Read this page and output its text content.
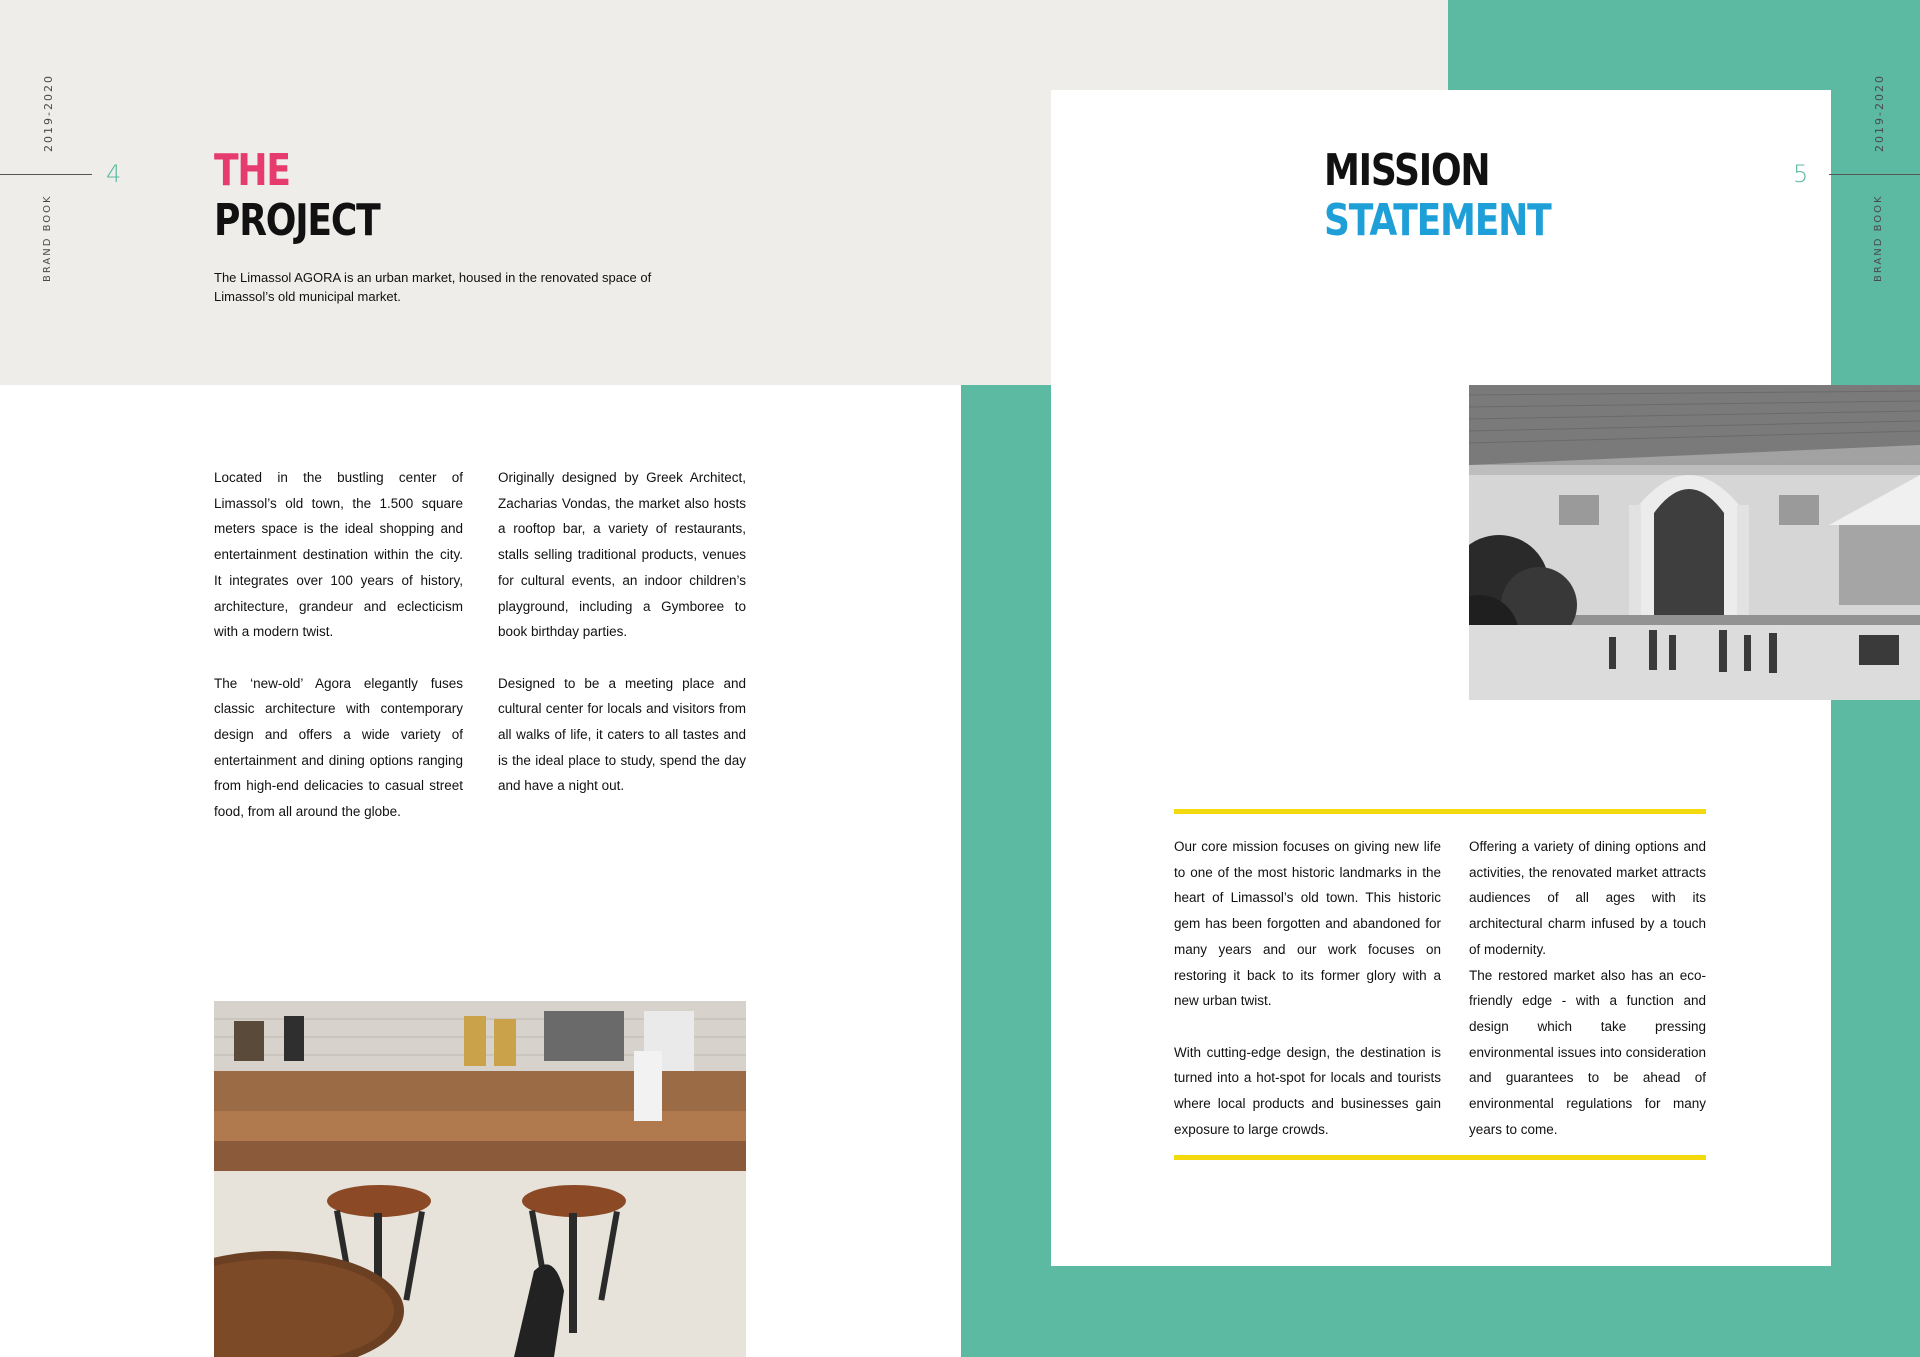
2019-2020
BRAND BOOK
4
2019-2020
BRAND BOOK
5
THE
PROJECT
MISSION
STATEMENT
The Limassol AGORA is an urban market, housed in the renovated space of Limassol’s old municipal market.

Located in the bustling center of Limassol’s old town, the 1.500 square meters space is the ideal shopping and entertainment destination within the city. It integrates over 100 years of history, architecture, grandeur and eclecticism with a modern twist.

The ‘new-old’ Agora elegantly fuses classic architecture with contemporary design and offers a wide variety of entertainment and dining options ranging from high-end delicacies to casual street food, from all around the globe.

Originally designed by Greek Architect, Zacharias Vondas, the market also hosts a rooftop bar, a variety of restaurants, stalls selling traditional products, venues for cultural events, an indoor children’s playground, including a Gymboree to book birthday parties.

Designed to be a meeting place and cultural center for locals and visitors from all walks of life, it caters to all tastes and is the ideal place to study, spend the day and have a night out.

Our core mission focuses on giving new life to one of the most historic landmarks in the heart of Limassol’s old town. This historic gem has been forgotten and abandoned for many years and our work focuses on restoring it back to its former glory with a new urban twist.

With cutting-edge design, the destination is turned into a hot-spot for locals and tourists where local products and businesses gain exposure to large crowds.

Offering a variety of dining options and activities, the renovated market attracts audiences of all ages with its architectural charm infused by a touch of modernity.

The restored market also has an eco-friendly edge - with a function and design which take pressing environmental issues into consideration and guarantees to be ahead of environmental regulations for many years to come.
